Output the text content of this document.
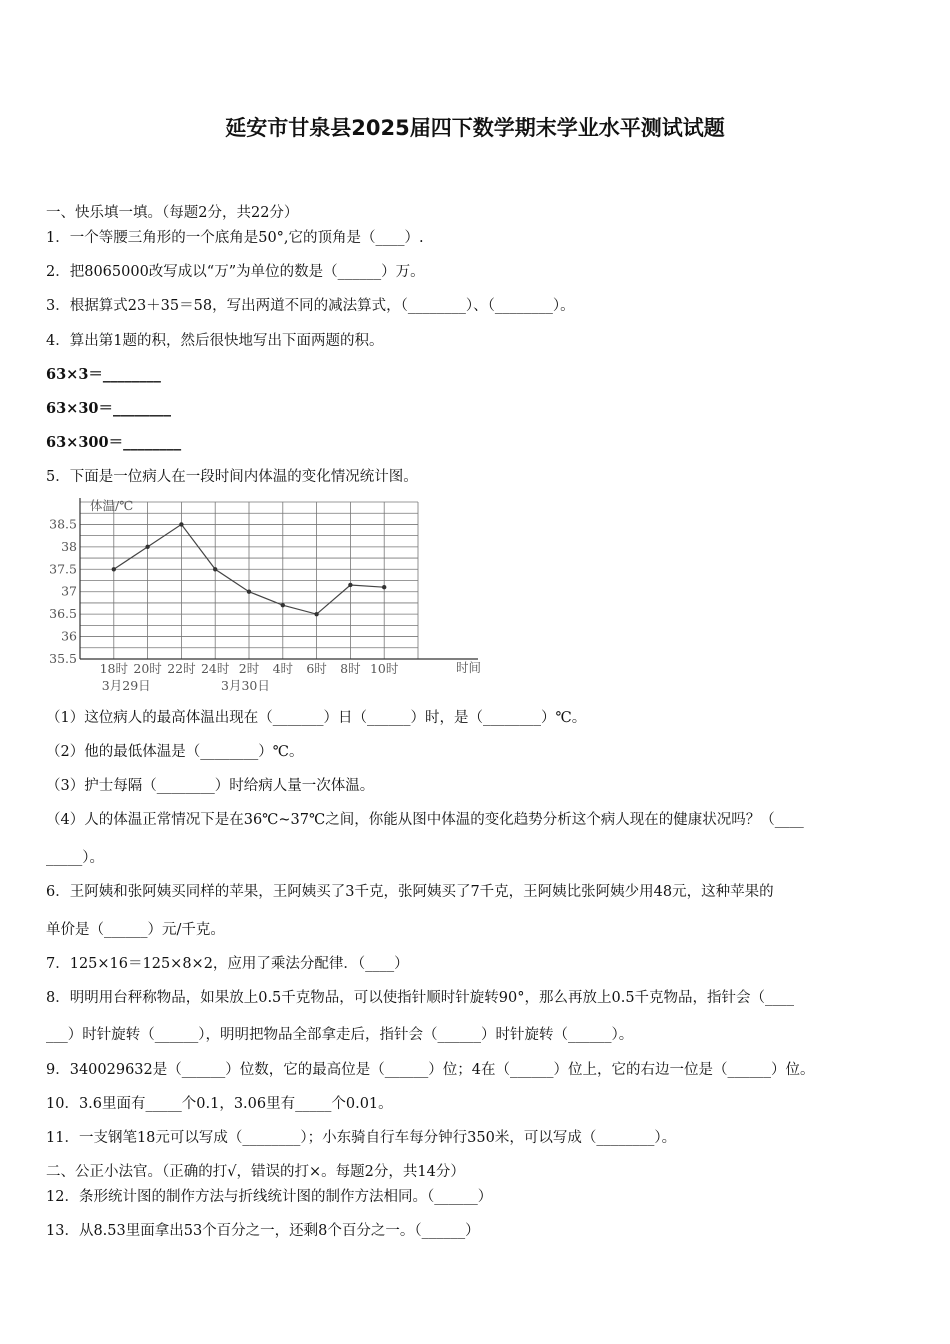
延安市甘泉县2025届四下数学期末学业水平测试试题
一、快乐填一填。（每题2分，共22分）
1．一个等腰三角形的一个底角是50°,它的顶角是（____）.
2．把8065000改写成以“万”为单位的数是（______）万。
3．根据算式23＋35＝58，写出两道不同的减法算式，（________）、（________）。
4．算出第1题的积，然后很快地写出下面两题的积。
63×3＝________
63×30＝________
63×300＝________
5．下面是一位病人在一段时间内体温的变化情况统计图。
体温/℃
时间
35.5
36
36.5
37
37.5
38
38.5
18时 20时 22时 24时 2时 4时 6时 8时 10时
3月29日	3月30日
（1）这位病人的最高体温出现在（_______）日（______）时，是（________）℃。
（2）他的最低体温是（________）℃。
（3）护士每隔（________）时给病人量一次体温。
（4）人的体温正常情况下是在36℃~37℃之间，你能从图中体温的变化趋势分析这个病人现在的健康状况吗？（____
_____）。
6．王阿姨和张阿姨买同样的苹果，王阿姨买了3千克，张阿姨买了7千克，王阿姨比张阿姨少用48元，这种苹果的
单价是（______）元/千克。
7．125×16＝125×8×2，应用了乘法分配律．（____）
8．明明用台秤称物品，如果放上0.5千克物品，可以使指针顺时针旋转90°，那么再放上0.5千克物品，指针会（____
___）时针旋转（______），明明把物品全部拿走后，指针会（______）时针旋转（______）。
9．340029632是（______）位数，它的最高位是（______）位；4在（______）位上，它的右边一位是（______）位。
10．3.6里面有_____个0.1，3.06里有_____个0.01。
11．一支钢笔18元可以写成（________）；小东骑自行车每分钟行350米，可以写成（________）。
二、公正小法官。（正确的打√，错误的打×。每题2分，共14分）
12．条形统计图的制作方法与折线统计图的制作方法相同。（______）
13．从8.53里面拿出53个百分之一，还剩8个百分之一。（______）
